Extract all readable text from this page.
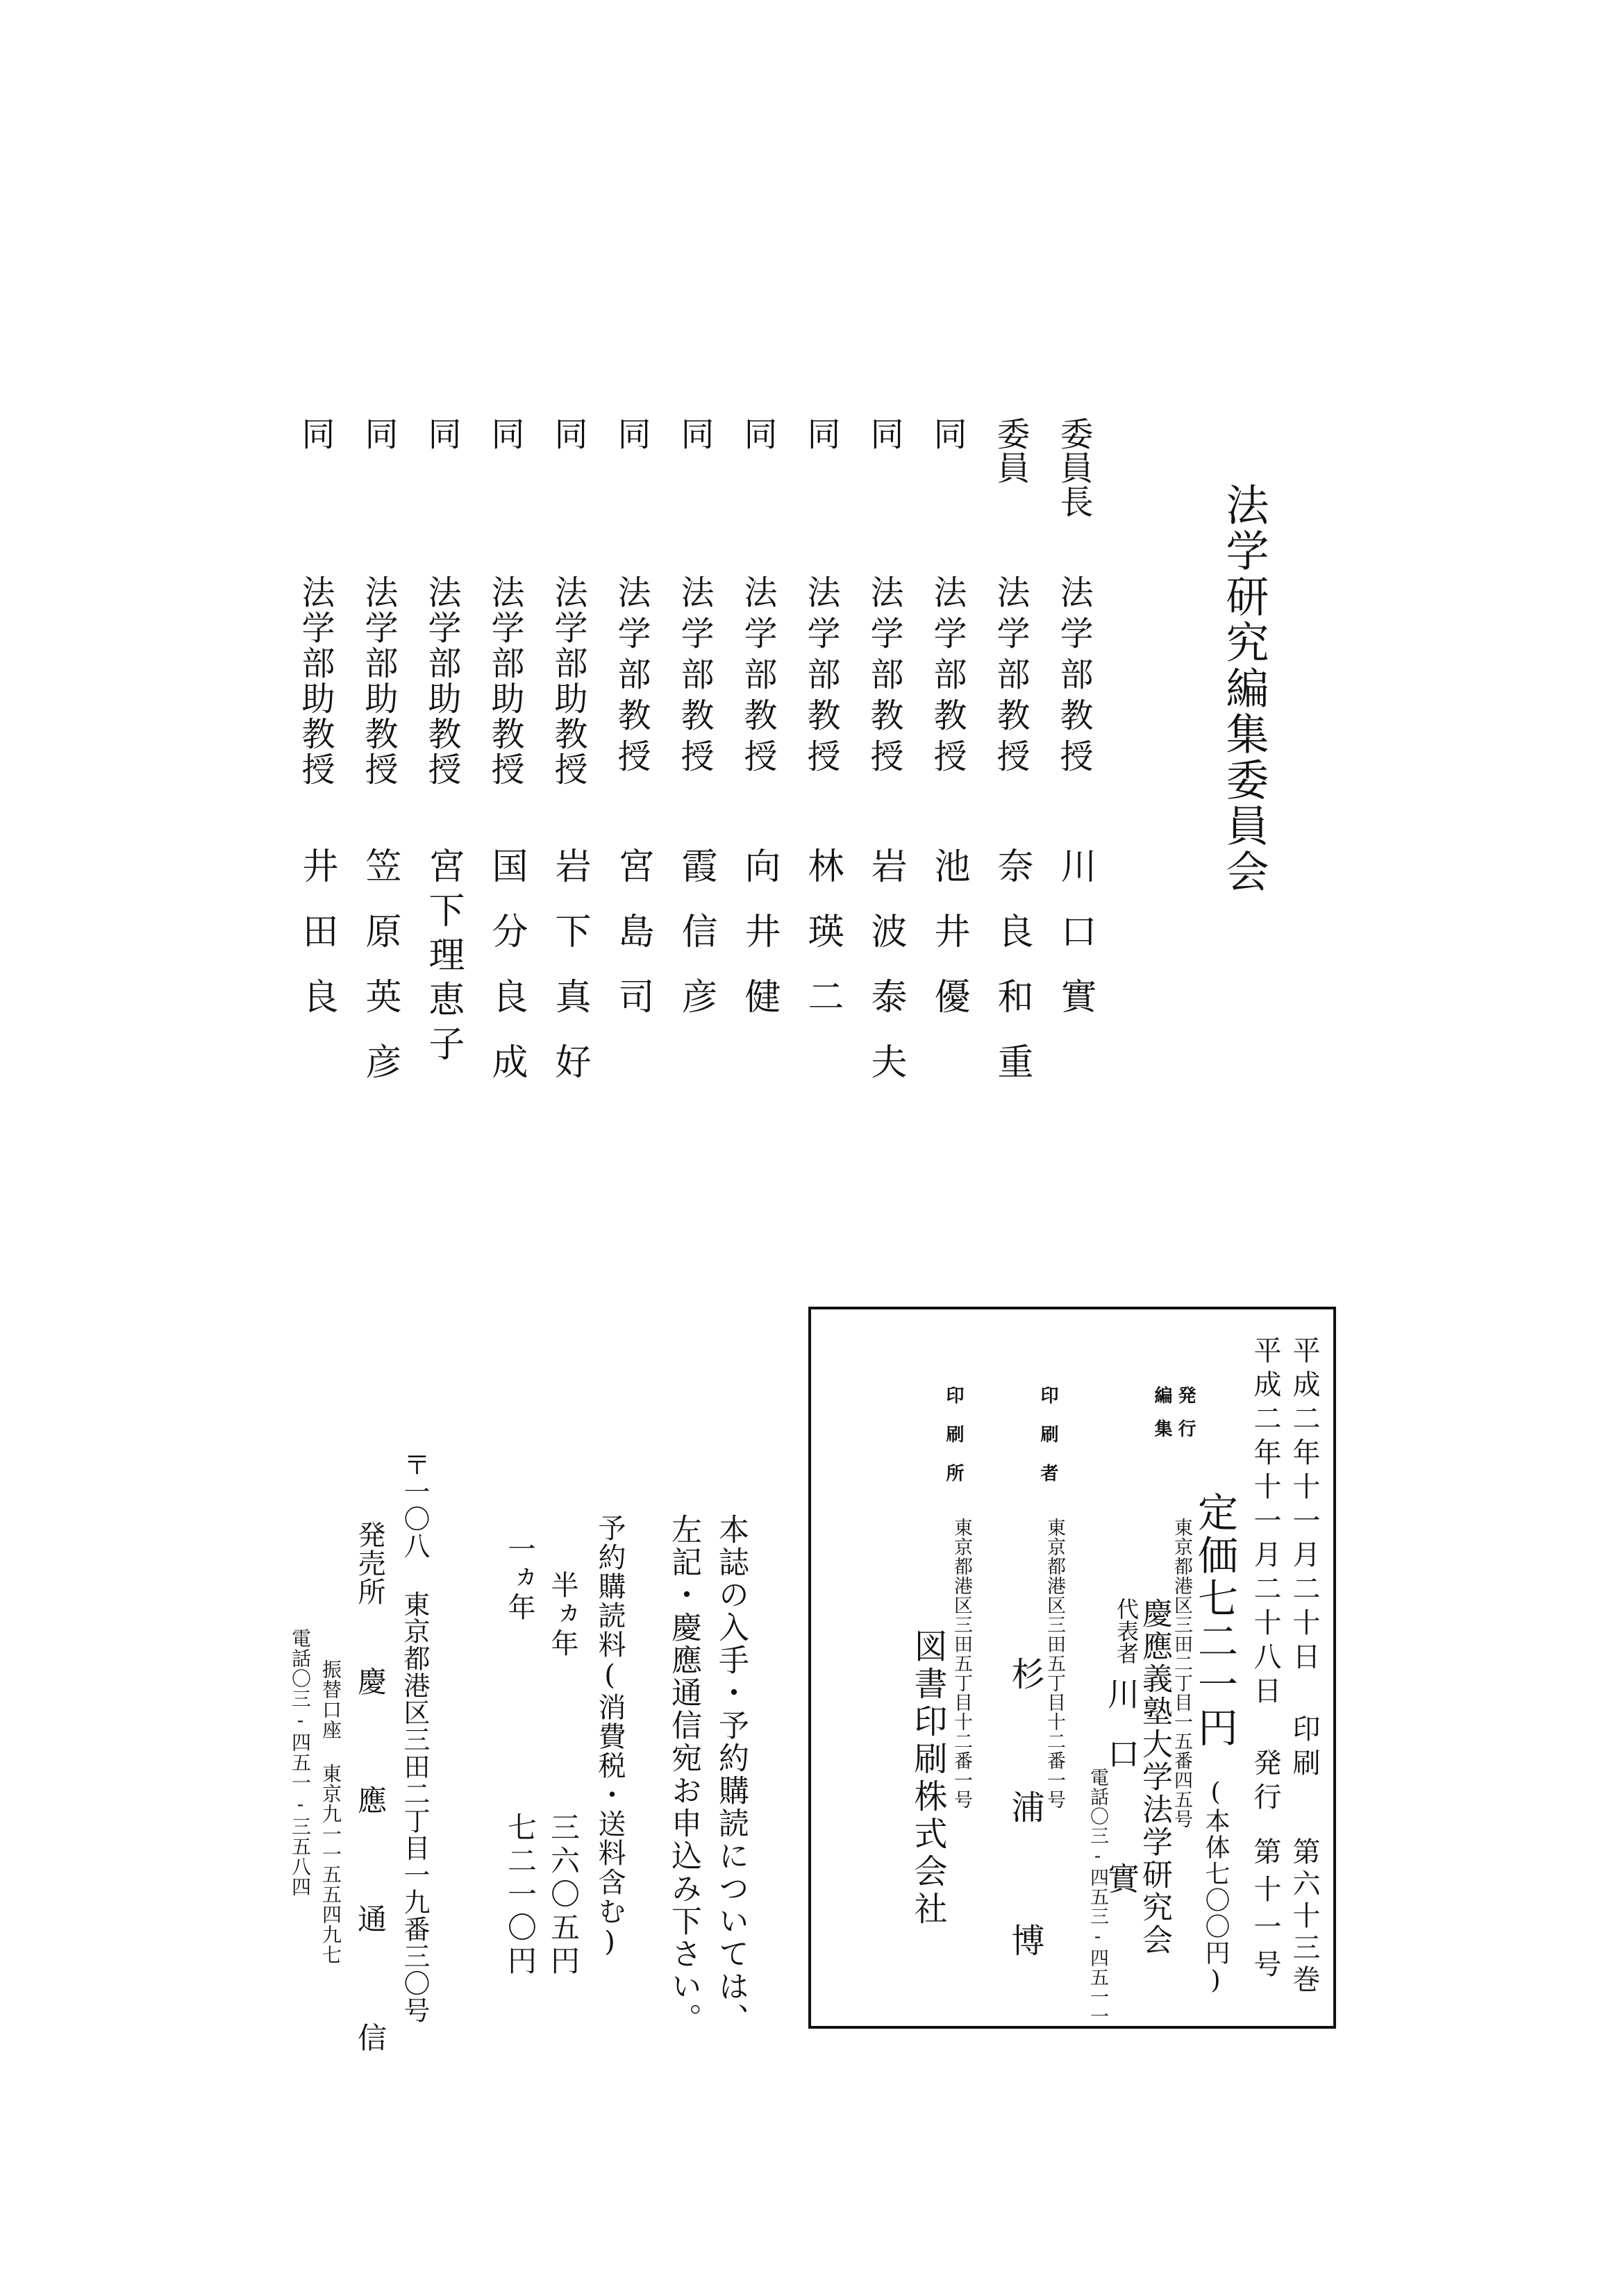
法学研究編集委員会
委員長
法学部教授
川口實
委員
法学部教授
奈良和重
同
法学部教授
池井優
同
法学部教授
岩波泰夫
同
法学部教授
林瑛二
同
法学部教授
向井健
同
法学部教授
霞信彦
同
法学部教授
宮島司
同
法学部助教授
岩下真好
同
法学部助教授
国分良成
同
法学部助教授
宮下理恵子
同
法学部助教授
笠原英彦
同
法学部助教授
井田良
平成二年十一月二十日 印刷
第六十三巻
平成二年十一月二十八日 発行
第十一号
定価七二一円
(本体七〇〇円)
編集 発行
東京都港区三田二丁目一五番四五号
慶應義塾大学法学研究会
代表者
川口 實
電話〇三-四五三-四五一一
印刷者
東京都港区三田五丁目十二番一号
杉 浦 博
印刷所
東京都港区三田五丁目十二番一号
図書印刷株式会社
本誌の入手・予約購読については、
左記・慶應通信宛お申込み下さい。
予約購読料(消費税・送料含む)
半ヵ年
三六〇五円
一ヵ年
七二一〇円
〒一〇八 東京都港区三田二丁目一九番三〇号
発売所
慶 應 通 信
振替口座 東京九一一五五四九七
電話〇三-四五一-三五八四
